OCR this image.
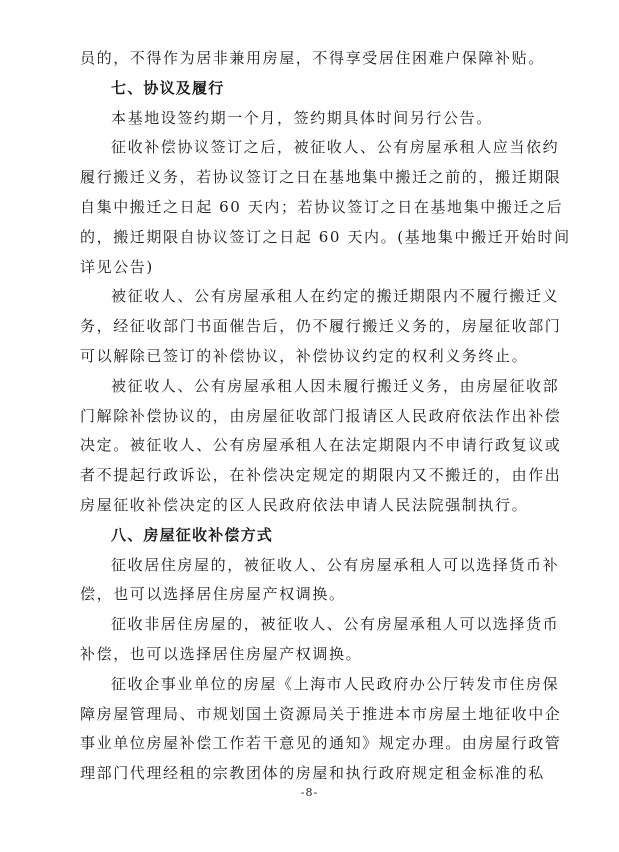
员的，不得作为居非兼用房屋，不得享受居住困难户保障补贴。
七、协议及履行
本基地设签约期一个月，签约期具体时间另行公告。
征收补偿协议签订之后，被征收人、公有房屋承租人应当依约
履行搬迁义务，若协议签订之日在基地集中搬迁之前的，搬迁期限
自集中搬迁之日起 60 天内；若协议签订之日在基地集中搬迁之后
的，搬迁期限自协议签订之日起 60 天内。(基地集中搬迁开始时间
详见公告)
被征收人、公有房屋承租人在约定的搬迁期限内不履行搬迁义
务，经征收部门书面催告后，仍不履行搬迁义务的，房屋征收部门
可以解除已签订的补偿协议，补偿协议约定的权利义务终止。
被征收人、公有房屋承租人因未履行搬迁义务，由房屋征收部
门解除补偿协议的，由房屋征收部门报请区人民政府依法作出补偿
决定。被征收人、公有房屋承租人在法定期限内不申请行政复议或
者不提起行政诉讼，在补偿决定规定的期限内又不搬迁的，由作出
房屋征收补偿决定的区人民政府依法申请人民法院强制执行。
八、房屋征收补偿方式
征收居住房屋的，被征收人、公有房屋承租人可以选择货币补
偿，也可以选择居住房屋产权调换。
征收非居住房屋的，被征收人、公有房屋承租人可以选择货币
补偿，也可以选择居住房屋产权调换。
征收企事业单位的房屋《上海市人民政府办公厅转发市住房保
障房屋管理局、市规划国土资源局关于推进本市房屋土地征收中企
事业单位房屋补偿工作若干意见的通知》规定办理。由房屋行政管
理部门代理经租的宗教团体的房屋和执行政府规定租金标准的私
-8-
